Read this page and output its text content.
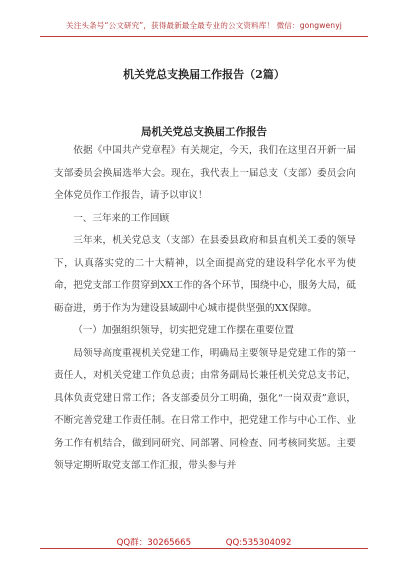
关注头条号“公文研究”，获得最新最全最专业的公文资料库！ 微信：gongwenyj
机关党总支换届工作报告（2篇）
局机关党总支换届工作报告

依据《中国共产党章程》有关规定，今天，我们在这里召开新一届支部委员会换届选举大会。现在，我代表上一届总支（支部）委员会向全体党员作工作报告，请予以审议！

一、三年来的工作回顾

三年来，机关党总支（支部）在县委县政府和县直机关工委的领导下，认真落实党的二十大精神，以全面提高党的建设科学化水平为使命，把党支部工作贯穿到XX工作的各个环节，围绕中心，服务大局，砥砺奋进，勇于作为为建设县域副中心城市提供坚强的XX保障。

（一）加强组织领导，切实把党建工作摆在重要位置

局领导高度重视机关党建工作，明确局主要领导是党建工作的第一责任人，对机关党建工作负总责；由常务副局长兼任机关党总支书记，具体负责党建日常工作；各支部委员分工明确，强化“一岗双责”意识，不断完善党建工作责任制。在日常工作中，把党建工作与中心工作、业务工作有机结合，做到同研究、同部署、同检查、同考核同奖惩。主要领导定期听取党支部工作汇报，带头参与并

QQ群：30265665	QQ:535304092
